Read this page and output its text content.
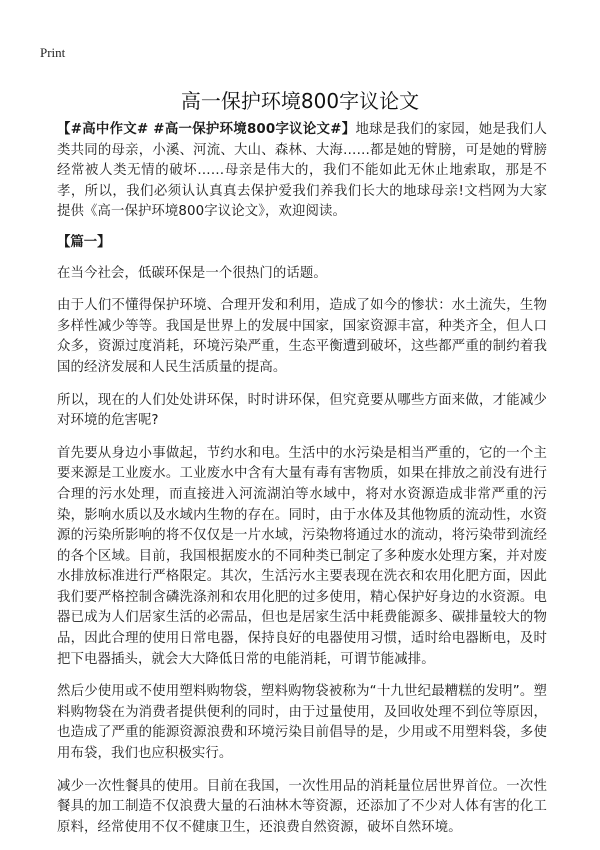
Print
高一保护环境800字议论文

【#高中作文# #高一保护环境800字议论文#】地球是我们的家园，她是我们人类共同的母亲，小溪、河流、大山、森林、大海……都是她的臂膀，可是她的臂膀经常被人类无情的破坏……母亲是伟大的，我们不能如此无休止地索取，那是不孝，所以，我们必须认认真真去保护爱我们养我们长大的地球母亲!文档网为大家提供《高一保护环境800字议论文》，欢迎阅读。

【篇一】

在当今社会，低碳环保是一个很热门的话题。

由于人们不懂得保护环境、合理开发和利用，造成了如今的惨状：水土流失，生物多样性减少等等。我国是世界上的发展中国家，国家资源丰富，种类齐全，但人口众多，资源过度消耗，环境污染严重，生态平衡遭到破坏，这些都严重的制约着我国的经济发展和人民生活质量的提高。

所以，现在的人们处处讲环保，时时讲环保，但究竟要从哪些方面来做，才能减少对环境的危害呢?

首先要从身边小事做起，节约水和电。生活中的水污染是相当严重的，它的一个主要来源是工业废水。工业废水中含有大量有毒有害物质，如果在排放之前没有进行合理的污水处理，而直接进入河流湖泊等水域中，将对水资源造成非常严重的污染，影响水质以及水域内生物的存在。同时，由于水体及其他物质的流动性，水资源的污染所影响的将不仅仅是一片水域，污染物将通过水的流动，将污染带到流经的各个区域。目前，我国根据废水的不同种类已制定了多种废水处理方案，并对废水排放标准进行严格限定。其次，生活污水主要表现在洗衣和农用化肥方面，因此我们要严格控制含磷洗涤剂和农用化肥的过多使用，精心保护好身边的水资源。电器已成为人们居家生活的必需品，但也是居家生活中耗费能源多、碳排量较大的物品，因此合理的使用日常电器，保持良好的电器使用习惯，适时给电器断电，及时把下电器插头，就会大大降低日常的电能消耗，可谓节能减排。

然后少使用或不使用塑料购物袋，塑料购物袋被称为“十九世纪最糟糕的发明”。塑料购物袋在为消费者提供便利的同时，由于过量使用，及回收处理不到位等原因，也造成了严重的能源资源浪费和环境污染目前倡导的是，少用或不用塑料袋，多使用布袋，我们也应积极实行。

减少一次性餐具的使用。目前在我国，一次性用品的消耗量位居世界首位。一次性餐具的加工制造不仅浪费大量的石油林木等资源，还添加了不少对人体有害的化工原料，经常使用不仅不健康卫生，还浪费自然资源，破坏自然环境。
